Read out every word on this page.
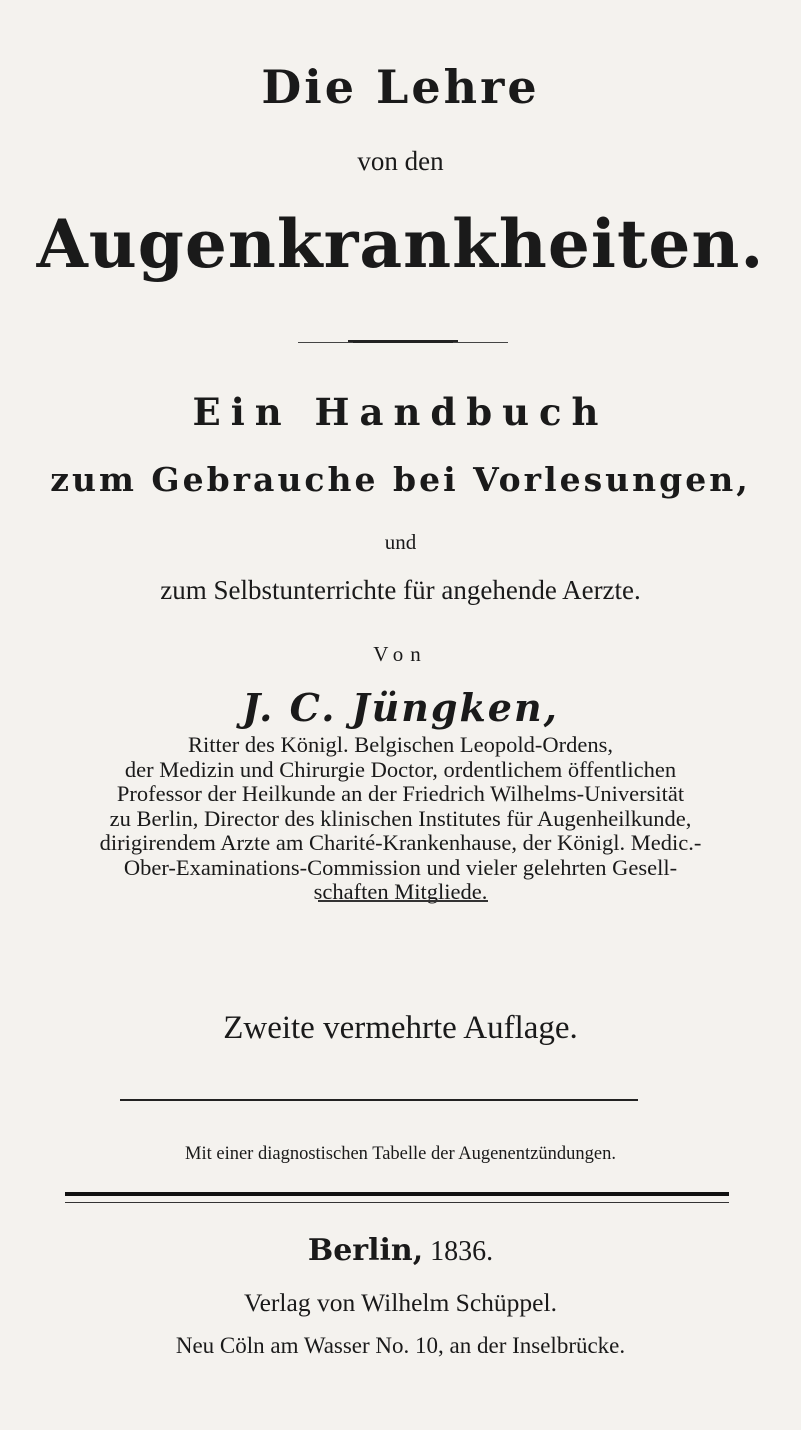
Die Lehre

von den

Augenkrankheiten.

Ein Handbuch

zum Gebrauche bei Vorlesungen,

und

zum Selbstunterrichte für angehende Aerzte.

Von

J. C. Jüngken,

Ritter des Königl. Belgischen Leopold-Ordens,
der Medizin und Chirurgie Doctor, ordentlichem öffentlichen
Professor der Heilkunde an der Friedrich Wilhelms-Universität
zu Berlin, Director des klinischen Institutes für Augenheilkunde,
dirigirendem Arzte am Charité-Krankenhause, der Königl. Medic.-
Ober-Examinations-Commission und vieler gelehrten Gesell-
schaften Mitgliede.

Zweite vermehrte Auflage.

Mit einer diagnostischen Tabelle der Augenentzündungen.

Berlin, 1836.

Verlag von Wilhelm Schüppel.

Neu Cöln am Wasser No. 10, an der Inselbrücke.
